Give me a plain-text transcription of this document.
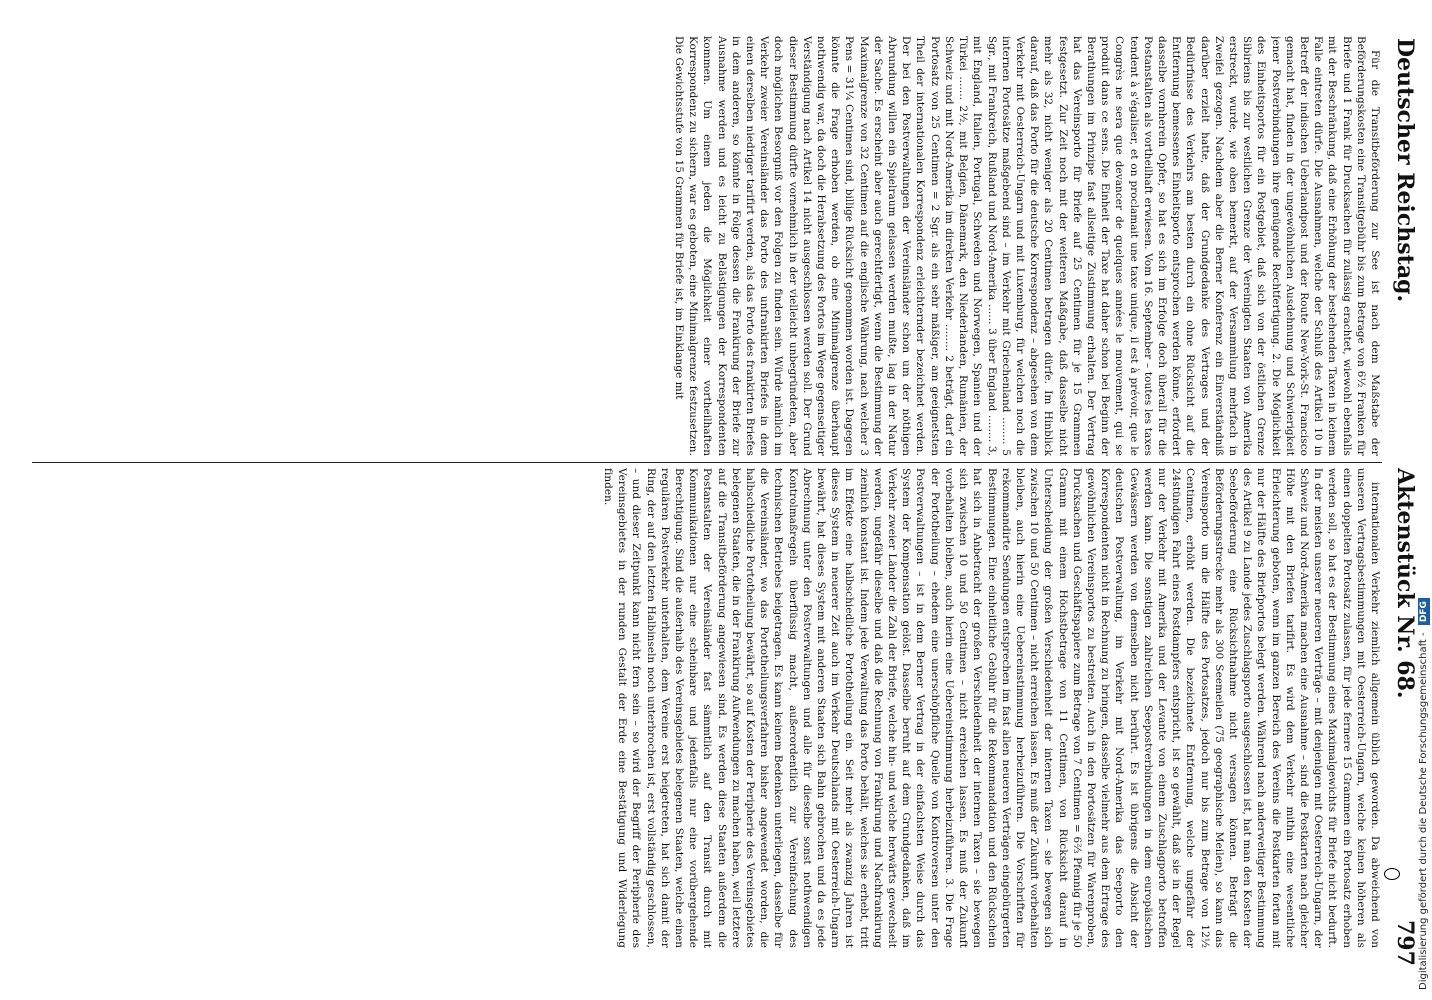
Deutscher Reichstag.
Aktenstück Nr. 68.
797

Für die Transitbeförderung zur See ist nach dem Maßstabe der Beförderungskosten eine Transitgebühr bis zum Betrage von 6½ Franken für Briefe und 1 Frank für Drucksachen für zulässig erachtet, wiewohl ebenfalls mit der Beschränkung, daß eine Erhöhung der bestehenden Taxen in keinem Falle eintreten dürfe. Die Ausnahmen, welche der Schluß des Artikel 10 in Betreff der indischen Ueberlandpost und der Route New-York-St. Francisco gemacht hat, finden in der ungewöhnlichen Ausdehnung und Schwierigkeit jener Postverbindungen ihre genügende Rechtfertigung. 2. Die Möglichkeit des Einheitsportos für ein Postgebiet, daß sich von der östlichen Grenze Sibiriens bis zur westlichen Grenze der Vereinigten Staaten von Amerika erstreckt, wurde, wie oben bemerkt, auf der Versammlung mehrfach in Zweifel gezogen. Nachdem aber die Berner Konferenz ein Einverständniß darüber erzielt hatte, daß der Grundgedanke des Vertrages und der Bedürfnisse des Verkehrs am besten durch ein ohne Rücksicht auf die Entfernung bemessenes Einheitsporto entsprochen werden könne, erfordert dasselbe vornherein Opfer, so hat es sich im Erfolge doch überall für die Postanstalten als vortheilhaft erwiesen. Vom 16. September – toutes les taxes tendent à s'égaliser, et on proclamait une taxe unique, il est à prévoir, que le Congrès ne sera que devancer de quelques années le mouvement, qui se produit dans ce sens. Die Einheit der Taxe hat daher schon bei Beginn der Berathungen im Prinzipe fast allseitige Zustimmung erhalten. Der Vertrag hat das Vereinsporto für Briefe auf 25 Centimen für je 15 Grammen festgesetzt. Zur Zeit noch mit der weiteren Maßgabe, daß dasselbe nicht mehr als 32, nicht weniger als 20 Centimen betragen dürfe. Im Hinblick darauf, daß das Porto für die deutsche Korrespondenz – abgesehen von dem Verkehr mit Oesterreich-Ungarn und mit Luxemburg, für welchen noch die internen Portosätze maßgebend sind – im Verkehr mit Griechenland ........ 5 Sgr., mit Frankreich, Rußland und Nord-Amerika ...... 3 über England ........ 3, mit England, Italien, Portugal, Schweden und Norwegen, Spanien und der Türkei ....... 2½, mit Belgien, Dänemark, den Niederlanden, Rumänien, der Schweiz und mit Nord-Amerika im direkten Verkehr ........ 2 beträgt, darf ein Portosatz von 25 Centimen = 2 Sgr. als ein sehr mäßiger, am geeignetsten Theil der internationalen Korrespondenz erleichternder bezeichnet werden. Der bei den Postverwaltungen der Vereinsländer schon um der nöthigen Abrundung willen ein Spielraum gelassen werden mußte, lag in der Natur der Sache. Es erscheint aber auch gerechtfertigt, wenn die Bestimmung der Maximalgrenze von 32 Centimen auf die englische Währung, nach welcher 3 Pens = 31¼ Centimen sind, billige Rücksicht genommen worden ist. Dagegen könnte die Frage erhoben werden, ob eine Minimalgrenze überhaupt nothwendig war, da doch die Herabsetzung des Portos im Wege gegenseitiger Verständigung nach Artikel 14 nicht ausgeschlossen werden soll. Der Grund dieser Bestimmung dürfte vornehmlich in der vielleicht unbegründeten, aber doch möglichen Besorgniß vor den Folgen zu finden sein. Würde nämlich im Verkehr zweier Vereinsländer das Porto des unfrankirten Briefes in dem einen derselben niedriger tarifirt werden, als das Porto des frankirten Briefes in dem anderen, so könnte in Folge dessen die Frankirung der Briefe zur Ausnahme werden und es leicht zu Belästigungen der Korrespondenten kommen. Um einem jeden die Möglichkeit einer vortheilhaften Korrespondenz zu sichern, war es geboten, eine Minimalgrenze festzusetzen. Die Gewichtsstufe von 15 Grammen für Briefe ist, im Einklange mit

internationalen Verkehr ziemlich allgemein üblich geworden. Da abweichend von unseren Vertragsbestimmungen mit Oesterreich-Ungarn, welche keinen höheren als einen doppelten Portosatz zulassen, für jede fernere 15 Grammen ein Portosatz erhoben werden soll, so hat es der Bestimmung eines Maximalgewichts für Briefe nicht bedurft. In der meisten unserer neueren Verträge – mit denjenigen mit Oesterreich-Ungarn, der Schweiz und Nord-Amerika machen eine Ausnahme – sind die Postkarten nach gleicher Höhe mit den Briefen tarifirt. Es wird dem Verkehr mithin eine wesentliche Erleichterung geboten, wenn im ganzen Bereich des Vereins die Postkarten fortan mit nur der Hälfte des Briefportos belegt werden. Während nach anderweitiger Bestimmung des Artikel 9 zu Lande jedes Zuschlagsporto ausgeschlossen ist, hat man den Kosten der Seebeförderung eine Rücksichtnahme nicht versagen können. Beträgt die Beförderungsstrecke mehr als 300 Seemeilen (75 geographische Meilen), so kann das Vereinsporto um die Hälfte des Portosatzes, jedoch nur bis zum Betrage von 12½ Centimen, erhöht werden. Die bezeichnete Entfernung, welche ungefähr der 24stündigen Fahrt eines Postdampfers entspricht, ist so gewählt, daß sie in der Regel nur der Verkehr mit Amerika und der Levante von einem Zuschlagporto betroffen werden kann. Die sonstigen zahlreichen Seepostverbindungen in dem europäischen Gewässern werden von demselben nicht berührt. Es ist übrigens die Absicht der deutschen Postverwaltung, im Verkehr mit Nord-Amerika das Seeporto den Korrespondenten nicht in Rechnung zu bringen, dasselbe vielmehr aus dem Ertrage des gewöhnlichen Vereinsportos zu bestreiten. Auch in den Portosätzen für Warenproben, Drucksachen und Geschäftspapiere zum Betrage von 7 Centimen = 6⅔ Pfennig für je 50 Gramm mit einem Höchstbetrage von 11 Centimen, von Rücksicht darauf in Unterscheidung der großen Verschiedenheit der internen Taxen – sie bewegen sich zwischen 10 und 50 Centimen – nicht erreichen lassen. Es muß der Zukunft vorbehalten bleiben, auch hierin eine Uebereinstimmung herbeizuführen. Die Vorschriften für rekommandirte Sendungen entsprechen im fast allen neueren Verträgen eingebürgerten Bestimmungen. Eine einheitliche Gebühr für die Rekommandation und den Rückschein hat sich in Anbetracht der großen Verschiedenheit der internen Taxen – sie bewegen sich zwischen 10 und 50 Centimen – nicht erreichen lassen. Es muß der Zukunft vorbehalten bleiben, auch hierin eine Uebereinstimmung herbeizuführen. 3. Die Frage der Portotheilung – ehedem eine unerschöpfliche Quelle von Kontroversen unter den Postverwaltungen – ist in dem Berner Vertrag in der einfachsten Weise durch das System der Kompensation gelöst. Dasselbe beruht auf dem Grundgedanken, daß im Verkehr zweier Länder die Zahl der Briefe, welche hin- und welche herwärts gewechselt werden, ungefähr dieselbe und daß die Rechnung von Frankirung und Nachfrankirung ziemlich konstant ist. Indem jede Verwaltung das Porto behält, welches sie erhebt, tritt im Effekte eine halbschiedliche Portotheilung ein. Seit mehr als zwanzig Jahren ist dieses System in neuerer Zeit auch im Verkehr Deutschlands mit Oesterreich-Ungarn bewährt, hat dieses System mit anderen Staaten sich Bahn gebrochen und da es jede Abrechnung unter den Postverwaltungen und alle für dieselbe sonst nothwendigen Kontrolmaßregeln überflüssig macht, außerordentlich zur Vereinfachung des technischen Betriebes beigetragen. Es kann keinem Bedenken unterliegen, dasselbe für die Vereinsländer, wo das Portotheilungsverfahren bisher angewendet worden, die halbschiedliche Portotheilung bewährt, so auf Kosten der Peripherie des Vereinsgebietes belegenen Staaten, die in der Frankirung Aufwendungen zu machen haben, weil letztere auf die Transitbeförderung angewiesen sind. Es werden diese Staaten außerdem die Postanstalten der Vereinsländer fast sämmtlich auf den Transit durch mit Kommunikationen nur eine scheinbare und jedenfalls nur eine vorübergehende Berechtigung. Sind die außerhalb des Vereinsgebietes belegenen Staaten, welche einen regulären Postverkehr unterhalten, dem Vereine erst beigetreten, hat sich damit der Ring, der auf den letzten Halbinseln noch unterbrochen ist, erst vollständig geschlossen, – und dieser Zeitpunkt kann nicht fern sein – so wird der Begriff der Peripherie des Vereinsgebietes in der runden Gestalt der Erde eine Bestätigung und Widerlegung finden.

Digitalisierung gefördert durch die Deutsche Forschungsgemeinschaft - DFG
